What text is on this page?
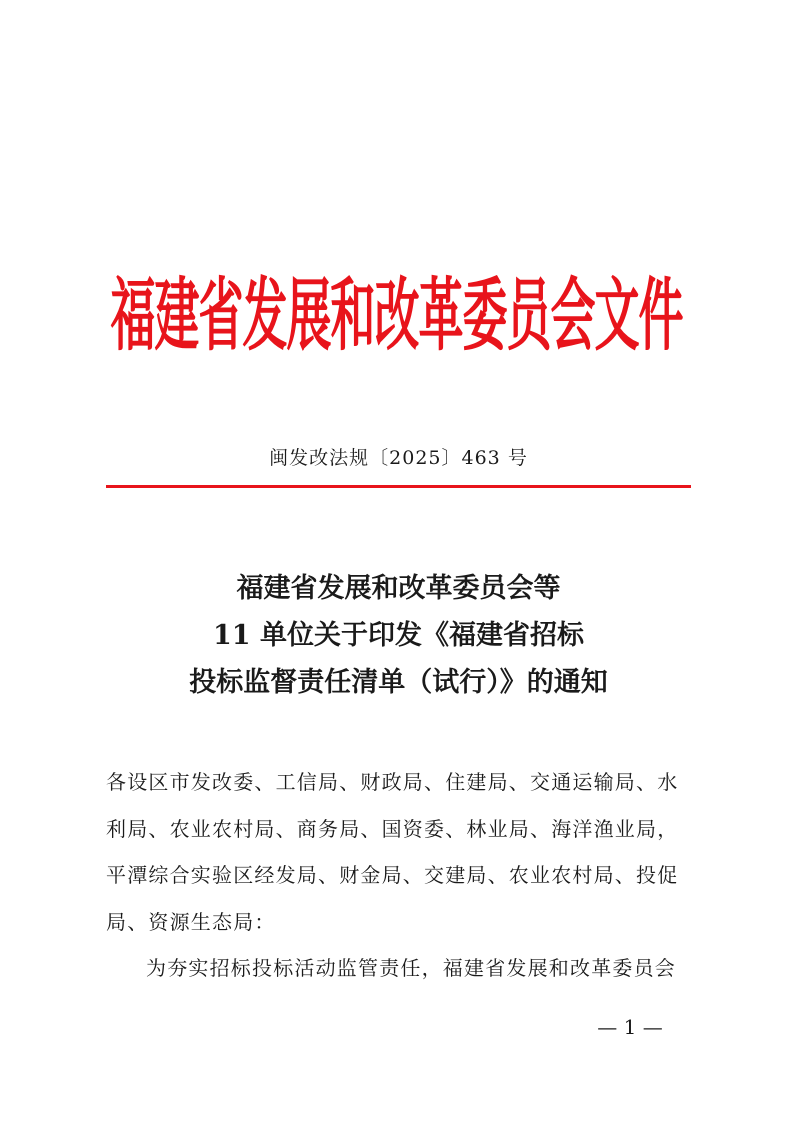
福建省发展和改革委员会文件
闽发改法规〔2025〕463 号
福建省发展和改革委员会等
11 单位关于印发《福建省招标
投标监督责任清单（试行）》的通知
各设区市发改委、工信局、财政局、住建局、交通运输局、水
利局、农业农村局、商务局、国资委、林业局、海洋渔业局，
平潭综合实验区经发局、财金局、交建局、农业农村局、投促
局、资源生态局：
为夯实招标投标活动监管责任，福建省发展和改革委员会
— 1 —
